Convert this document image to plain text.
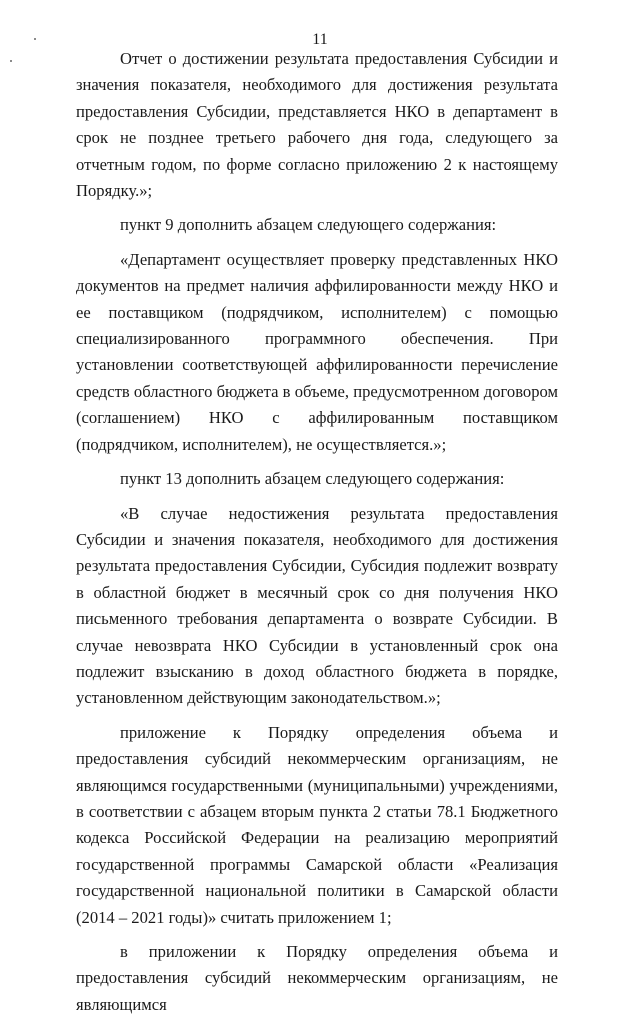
11

Отчет о достижении результата предоставления Субсидии и значения показателя, необходимого для достижения результата предоставления Субсидии, представляется НКО в департамент в срок не позднее третьего рабочего дня года, следующего за отчетным годом, по форме согласно приложению 2 к настоящему Порядку.»;

пункт 9 дополнить абзацем следующего содержания:

«Департамент осуществляет проверку представленных НКО документов на предмет наличия аффилированности между НКО и ее поставщиком (подрядчиком, исполнителем) с помощью специализированного программного обеспечения. При установлении соответствующей аффилированности перечисление средств областного бюджета в объеме, предусмотренном договором (соглашением) НКО с аффилированным поставщиком (подрядчиком, исполнителем), не осуществляется.»;

пункт 13 дополнить абзацем следующего содержания:

«В случае недостижения результата предоставления Субсидии и значения показателя, необходимого для достижения результата предоставления Субсидии, Субсидия подлежит возврату в областной бюджет в месячный срок со дня получения НКО письменного требования департамента о возврате Субсидии. В случае невозврата НКО Субсидии в установленный срок она подлежит взысканию в доход областного бюджета в порядке, установленном действующим законодательством.»;

приложение к Порядку определения объема и предоставления субсидий некоммерческим организациям, не являющимся государственными (муниципальными) учреждениями, в соответствии с абзацем вторым пункта 2 статьи 78.1 Бюджетного кодекса Российской Федерации на реализацию мероприятий государственной программы Самарской области «Реализация государственной национальной политики в Самарской области (2014 – 2021 годы)» считать приложением 1;

в приложении к Порядку определения объема и предоставления субсидий некоммерческим организациям, не являющимся
